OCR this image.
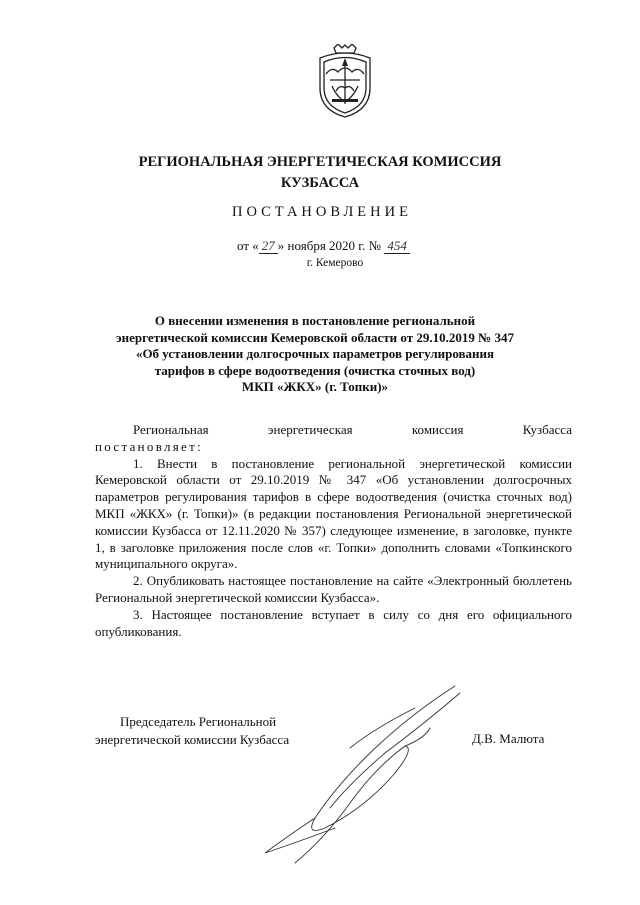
РЕГИОНАЛЬНАЯ ЭНЕРГЕТИЧЕСКАЯ КОМИССИЯ
КУЗБАССА
ПОСТАНОВЛЕНИЕ
от « 27 » ноября 2020 г. № 454
г. Кемерово
О внесении изменения в постановление региональной
энергетической комиссии Кемеровской области от 29.10.2019 № 347
«Об установлении долгосрочных параметров регулирования
тарифов в сфере водоотведения (очистка сточных вод)
МКП «ЖКХ» (г. Топки)»

Региональная энергетическая комиссия Кузбасса

постановляет:

1. Внести в постановление региональной энергетической комиссии Кемеровской области от 29.10.2019 № 347 «Об установлении долгосрочных параметров регулирования тарифов в сфере водоотведения (очистка сточных вод) МКП «ЖКХ» (г. Топки)» (в редакции постановления Региональной энергетической комиссии Кузбасса от 12.11.2020 № 357) следующее изменение, в заголовке, пункте 1, в заголовке приложения после слов «г. Топки» дополнить словами «Топкинского муниципального округа».

2. Опубликовать настоящее постановление на сайте «Электронный бюллетень Региональной энергетической комиссии Кузбасса».

3. Настоящее постановление вступает в силу со дня его официального опубликования.

Председатель Региональной
энергетической комиссии Кузбасса	Д.В. Малюта
